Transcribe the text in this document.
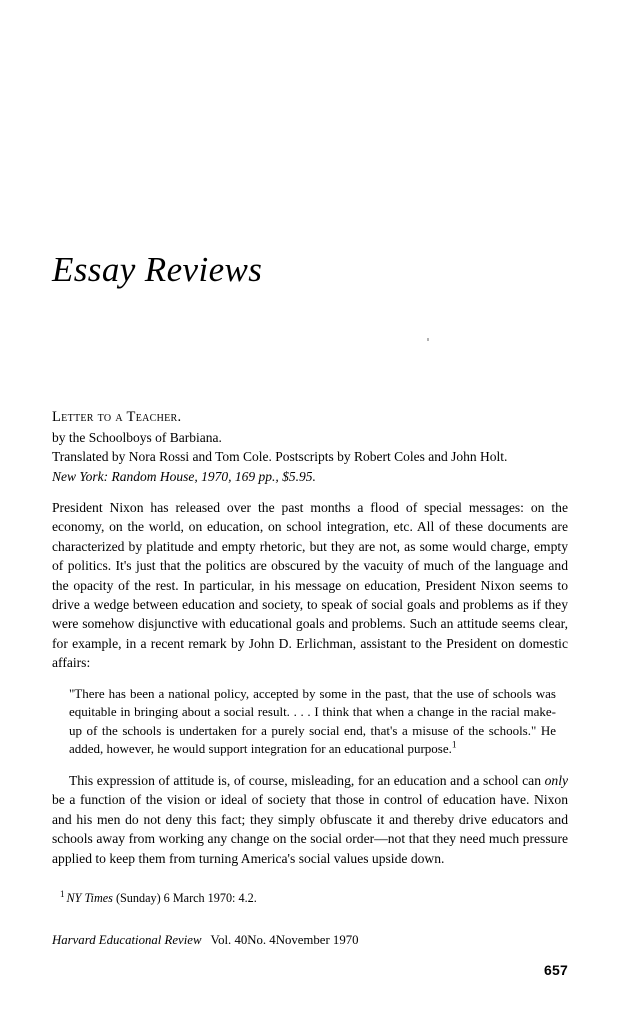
Essay Reviews

Letter to a Teacher.

by the Schoolboys of Barbiana.

Translated by Nora Rossi and Tom Cole. Postscripts by Robert Coles and John Holt.

New York: Random House, 1970, 169 pp., $5.95.

President Nixon has released over the past months a flood of special messages: on the economy, on the world, on education, on school integration, etc. All of these documents are characterized by platitude and empty rhetoric, but they are not, as some would charge, empty of politics. It's just that the politics are obscured by the vacuity of much of the language and the opacity of the rest. In particular, in his message on education, President Nixon seems to drive a wedge between education and society, to speak of social goals and problems as if they were somehow disjunctive with educational goals and problems. Such an attitude seems clear, for example, in a recent remark by John D. Erlichman, assistant to the President on domestic affairs:

"There has been a national policy, accepted by some in the past, that the use of schools was equitable in bringing about a social result. . . . I think that when a change in the racial make-up of the schools is undertaken for a purely social end, that's a misuse of the schools." He added, however, he would support integration for an educational purpose.$^1$

This expression of attitude is, of course, misleading, for an education and a school can only be a function of the vision or ideal of society that those in control of education have. Nixon and his men do not deny this fact; they simply obfuscate it and thereby drive educators and schools away from working any change on the social order—not that they need much pressure applied to keep them from turning America's social values upside down.

$^1$ NY Times (Sunday) 6 March 1970: 4.2.

Harvard Educational Review Vol. 40No. 4November 1970

657
